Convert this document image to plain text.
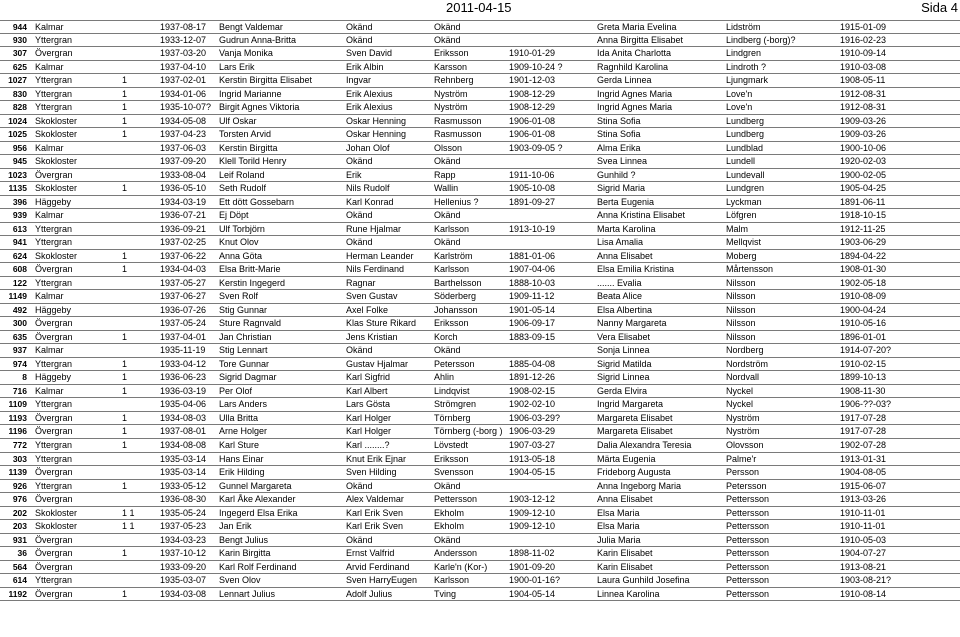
2011-04-15	Sida 4
944 Kalmar	1937-08-17	Bengt Valdemar	Okänd	Okänd	Greta Maria Evelina	Lidström	1915-01-09
930 Yttergran	1933-12-07	Gudrun Anna-Britta	Okänd	Okänd	Anna Birgitta Elisabet	Lindberg (-borg)?	1916-02-23
307 Övergran	1937-03-20	Vanja Monika	Sven David	Eriksson	1910-01-29	Ida Anita Charlotta	Lindgren	1910-09-14
625 Kalmar	1937-04-10	Lars Erik	Erik Albin	Karsson	1909-10-24 ?	Ragnhild Karolina	Lindroth ?	1910-03-08
1027 Yttergran	1	1937-02-01	Kerstin Birgitta Elisabet	Ingvar	Rehnberg	1901-12-03	Gerda Linnea	Ljungmark	1908-05-11
830 Yttergran	1	1934-01-06	Ingrid Marianne	Erik Alexius	Nyström	1908-12-29	Ingrid Agnes Maria	Love'n	1912-08-31
828 Yttergran	1	1935-10-07? Birgit Agnes Viktoria	Erik Alexius	Nyström	1908-12-29	Ingrid Agnes Maria	Love'n	1912-08-31
1024 Skokloster	1	1934-05-08	Ulf Oskar	Oskar Henning	Rasmusson	1906-01-08	Stina Sofia	Lundberg	1909-03-26
1025 Skokloster	1	1937-04-23	Torsten Arvid	Oskar Henning	Rasmusson	1906-01-08	Stina Sofia	Lundberg	1909-03-26
956 Kalmar	1937-06-03	Kerstin Birgitta	Johan Olof	Olsson	1903-09-05 ?	Alma Erika	Lundblad	1900-10-06
945 Skokloster	1937-09-20	Klell Torild Henry	Okänd	Okänd	Svea Linnea	Lundell	1920-02-03
1023 Övergran	1933-08-04	Leif Roland	Erik	Rapp	1911-10-06	Gunhild ?	Lundevall	1900-02-05
1135 Skokloster	1	1936-05-10	Seth Rudolf	Nils Rudolf	Wallin	1905-10-08	Sigrid Maria	Lundgren	1905-04-25
396 Häggeby	1934-03-19	Ett dött Gossebarn	Karl Konrad	Hellenius ?	1891-09-27	Berta Eugenia	Lyckman	1891-06-11
939 Kalmar	1936-07-21	Ej Döpt	Okänd	Okänd	Anna Kristina Elisabet	Löfgren	1918-10-15
613 Yttergran	1936-09-21	Ulf Torbjörn	Rune Hjalmar	Karlsson	1913-10-19	Marta Karolina	Malm	1912-11-25
941 Yttergran	1937-02-25	Knut Olov	Okänd	Okänd	Lisa Amalia	Mellqvist	1903-06-29
624 Skokloster	1	1937-06-22	Anna Göta	Herman Leander	Karlström	1881-01-06	Anna Elisabet	Moberg	1894-04-22
608 Övergran	1	1934-04-03	Elsa Britt-Marie	Nils Ferdinand	Karlsson	1907-04-06	Elsa Emilia Kristina	Mårtensson	1908-01-30
122 Yttergran	1937-05-27	Kerstin Ingegerd	Ragnar	Barthelsson	1888-10-03	....... Evalia	Nilsson	1902-05-18
1149 Kalmar	1937-06-27	Sven Rolf	Sven Gustav	Söderberg	1909-11-12	Beata Alice	Nilsson	1910-08-09
492 Häggeby	1936-07-26	Stig Gunnar	Axel Folke	Johansson	1901-05-14	Elsa Albertina	Nilsson	1900-04-24
300 Övergran	1937-05-24	Sture Ragnvald	Klas Sture Rikard	Eriksson	1906-09-17	Nanny Margareta	Nilsson	1910-05-16
635 Övergran	1	1937-04-01	Jan Christian	Jens Kristian	Korch	1883-09-15	Vera Elisabet	Nilsson	1896-01-01
937 Kalmar	1935-11-19	Stig Lennart	Okänd	Okänd	Sonja Linnea	Nordberg	1914-07-20?
974 Yttergran	1	1933-04-12	Tore Gunnar	Gustav Hjalmar	Petersson	1885-04-08	Sigrid Matilda	Nordström	1910-02-15
8 Häggeby	1	1936-06-23	Sigrid Dagmar	Karl Sigfrid	Ahlin	1891-12-26	Sigrid Linnea	Nordvall	1899-10-13
716 Kalmar	1	1936-03-19	Per Olof	Karl Albert	Lindqvist	1908-02-15	Gerda Elvira	Nyckel	1908-11-30
1109 Yttergran	1935-04-06	Lars Anders	Lars Gösta	Strömgren	1902-02-10	Ingrid Margareta	Nyckel	1906-??-03?
1193 Övergran	1	1934-08-03	Ulla Britta	Karl Holger	Törnberg	1906-03-29?	Margareta Elisabet	Nyström	1917-07-28
1196 Övergran	1	1937-08-01	Arne Holger	Karl Holger	Törnberg (-borg ) 1906-03-29	Margareta Elisabet	Nyström	1917-07-28
772 Yttergran	1	1934-08-08	Karl Sture	Karl ........?	Lövstedt	1907-03-27	Dalia Alexandra Teresia	Olovsson	1902-07-28
303 Yttergran	1935-03-14	Hans Einar	Knut Erik Ejnar	Eriksson	1913-05-18	Märta Eugenia	Palme'r	1913-01-31
1139 Övergran	1935-03-14	Erik Hilding	Sven Hilding	Svensson	1904-05-15	Frideborg Augusta	Persson	1904-08-05
926 Yttergran	1	1933-05-12	Gunnel Margareta	Okänd	Okänd	Anna Ingeborg Maria	Petersson	1915-06-07
976 Övergran	1936-08-30	Karl Åke Alexander	Alex Valdemar	Pettersson	1903-12-12	Anna Elisabet	Pettersson	1913-03-26
202 Skokloster	1 1	1935-05-24	Ingegerd Elsa Erika	Karl Erik Sven	Ekholm	1909-12-10	Elsa Maria	Pettersson	1910-11-01
203 Skokloster	1 1	1937-05-23	Jan Erik	Karl Erik Sven	Ekholm	1909-12-10	Elsa Maria	Pettersson	1910-11-01
931 Övergran	1934-03-23	Bengt Julius	Okänd	Okänd	Julia Maria	Pettersson	1910-05-03
36 Övergran	1	1937-10-12	Karin Birgitta	Ernst Valfrid	Andersson	1898-11-02	Karin Elisabet	Pettersson	1904-07-27
564 Övergran	1933-09-20	Karl Rolf Ferdinand	Arvid Ferdinand	Karle'n (Kor-)	1901-09-20	Karin Elisabet	Pettersson	1913-08-21
614 Yttergran	1935-03-07	Sven Olov	Sven HarryEugen	Karlsson	1900-01-16?	Laura Gunhild Josefina	Pettersson	1903-08-21?
1192 Övergran	1	1934-03-08	Lennart Julius	Adolf Julius	Tving	1904-05-14	Linnea Karolina	Pettersson	1910-08-14
